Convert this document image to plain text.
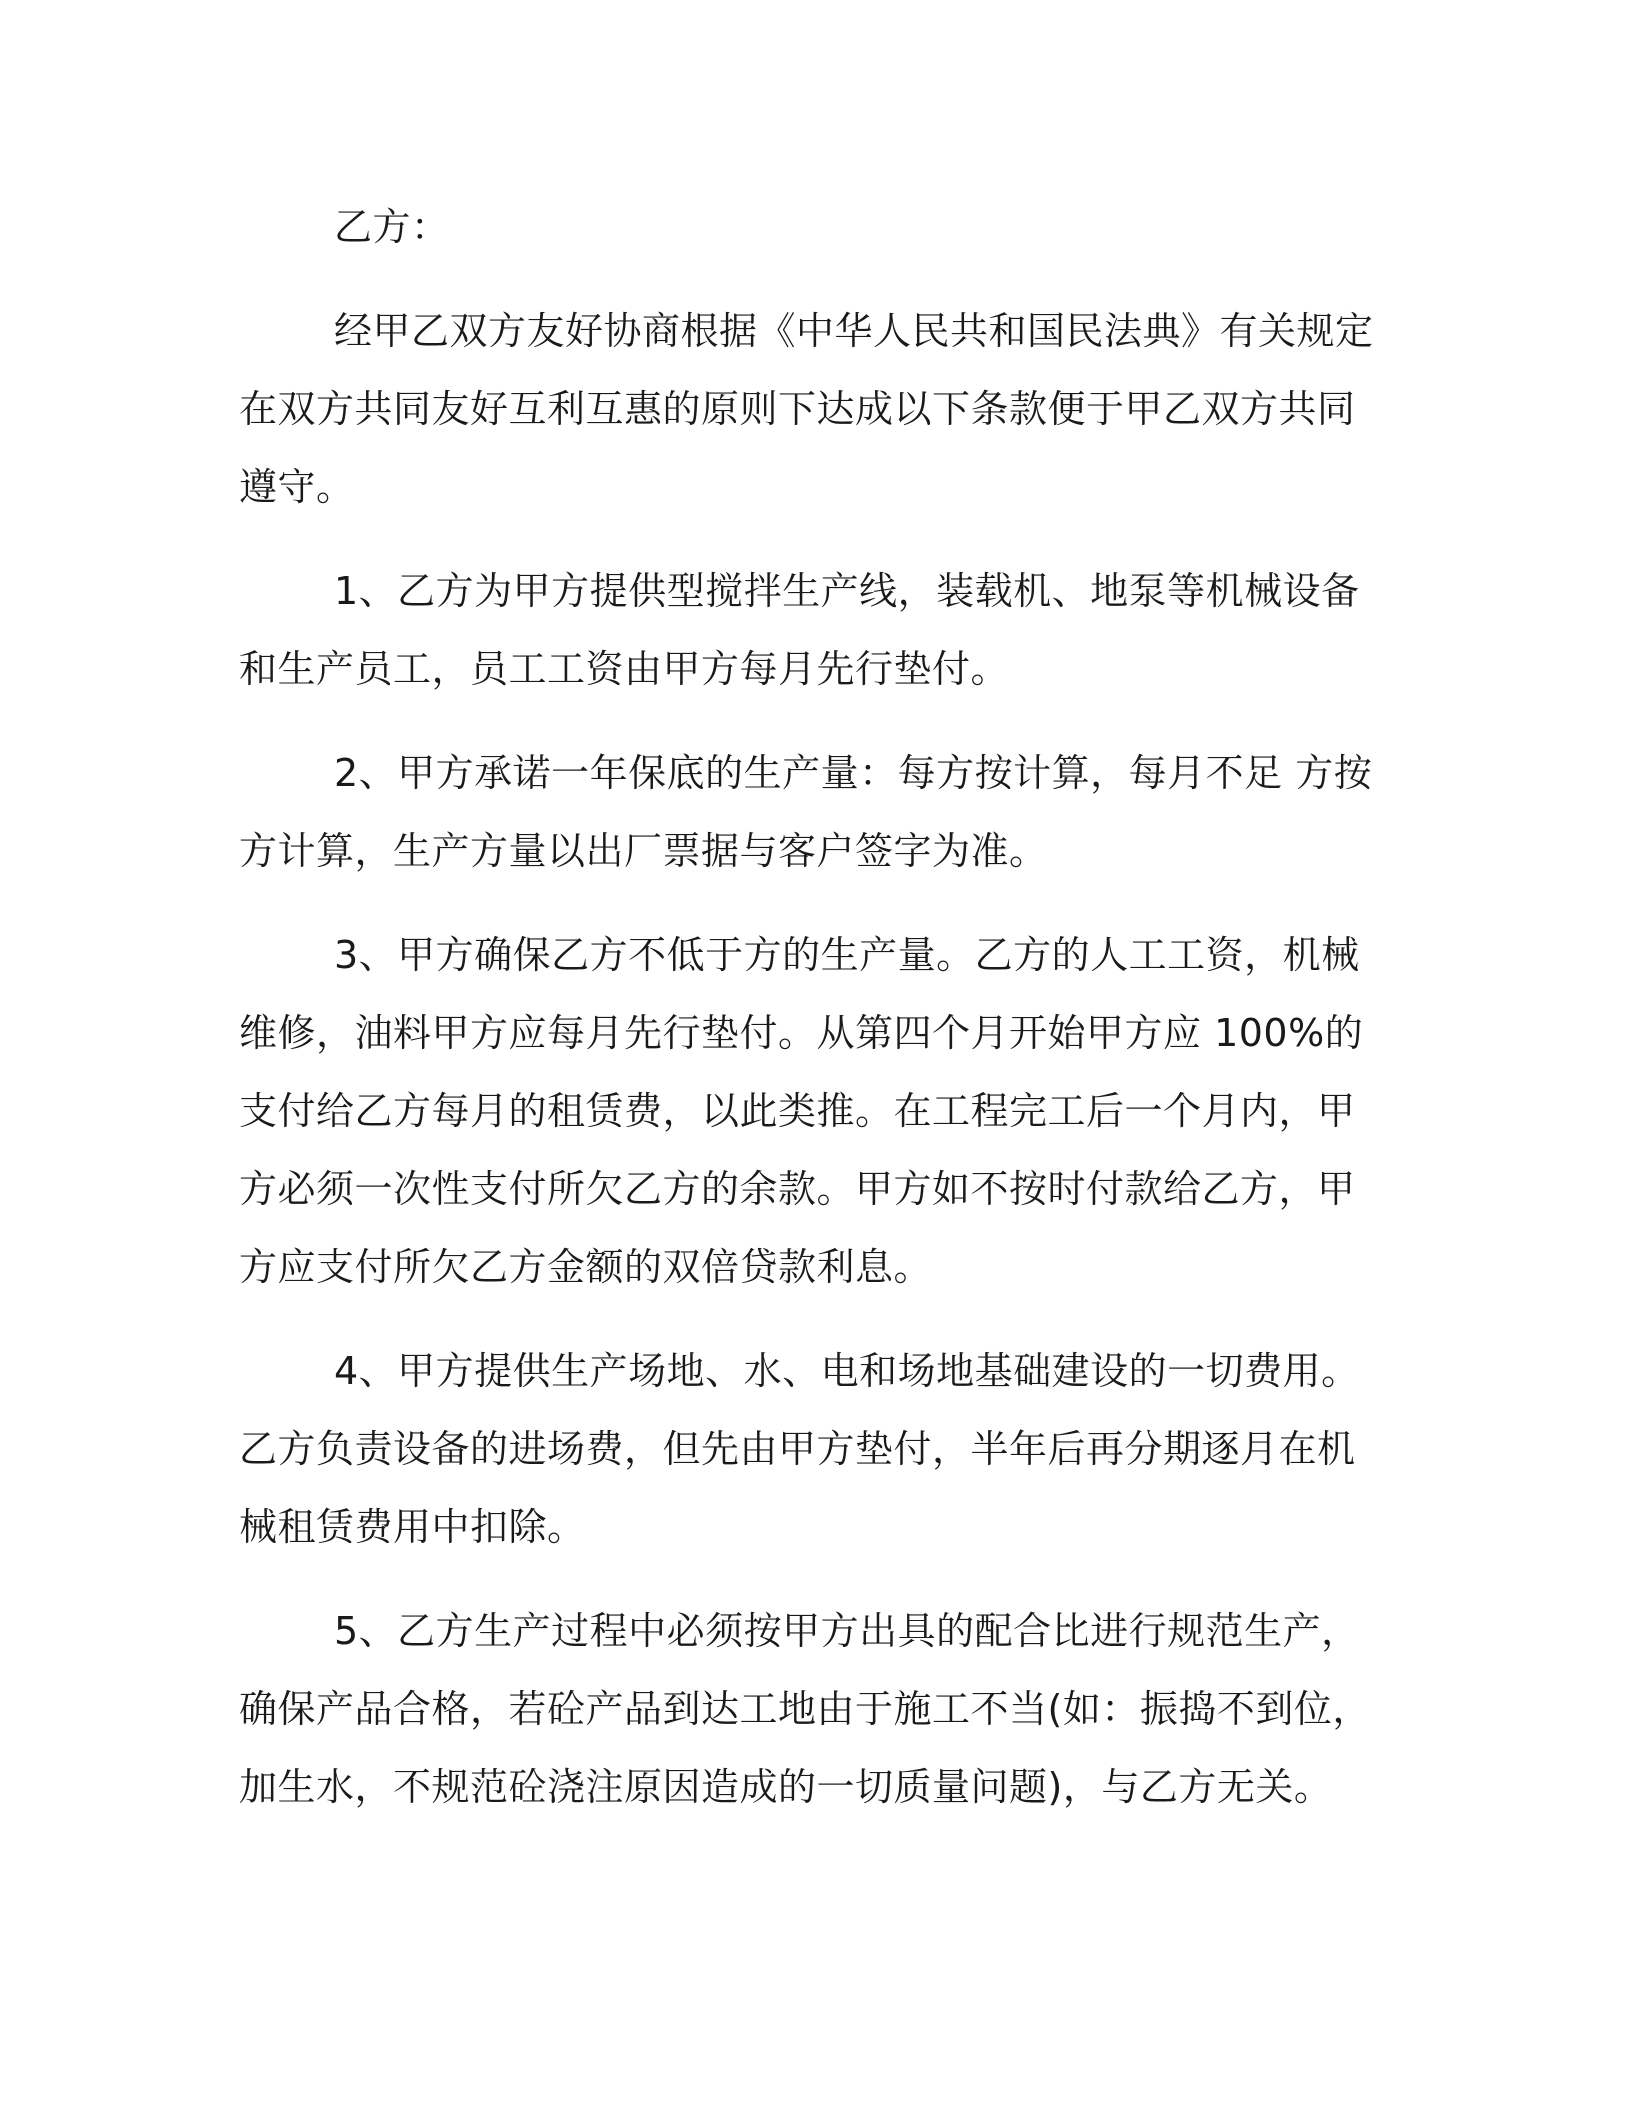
乙方：

经甲乙双方友好协商根据《中华人民共和国民法典》有关规定在双方共同友好互利互惠的原则下达成以下条款便于甲乙双方共同遵守。

1、乙方为甲方提供型搅拌生产线，装载机、地泵等机械设备和生产员工，员工工资由甲方每月先行垫付。

2、甲方承诺一年保底的生产量：每方按计算，每月不足 方按 方计算，生产方量以出厂票据与客户签字为准。

3、甲方确保乙方不低于方的生产量。乙方的人工工资，机械维修，油料甲方应每月先行垫付。从第四个月开始甲方应 100%的支付给乙方每月的租赁费，以此类推。在工程完工后一个月内，甲方必须一次性支付所欠乙方的余款。甲方如不按时付款给乙方，甲方应支付所欠乙方金额的双倍贷款利息。

4、甲方提供生产场地、水、电和场地基础建设的一切费用。乙方负责设备的进场费，但先由甲方垫付，半年后再分期逐月在机械租赁费用中扣除。

5、乙方生产过程中必须按甲方出具的配合比进行规范生产，确保产品合格，若砼产品到达工地由于施工不当(如：振捣不到位，加生水，不规范砼浇注原因造成的一切质量问题)，与乙方无关。
